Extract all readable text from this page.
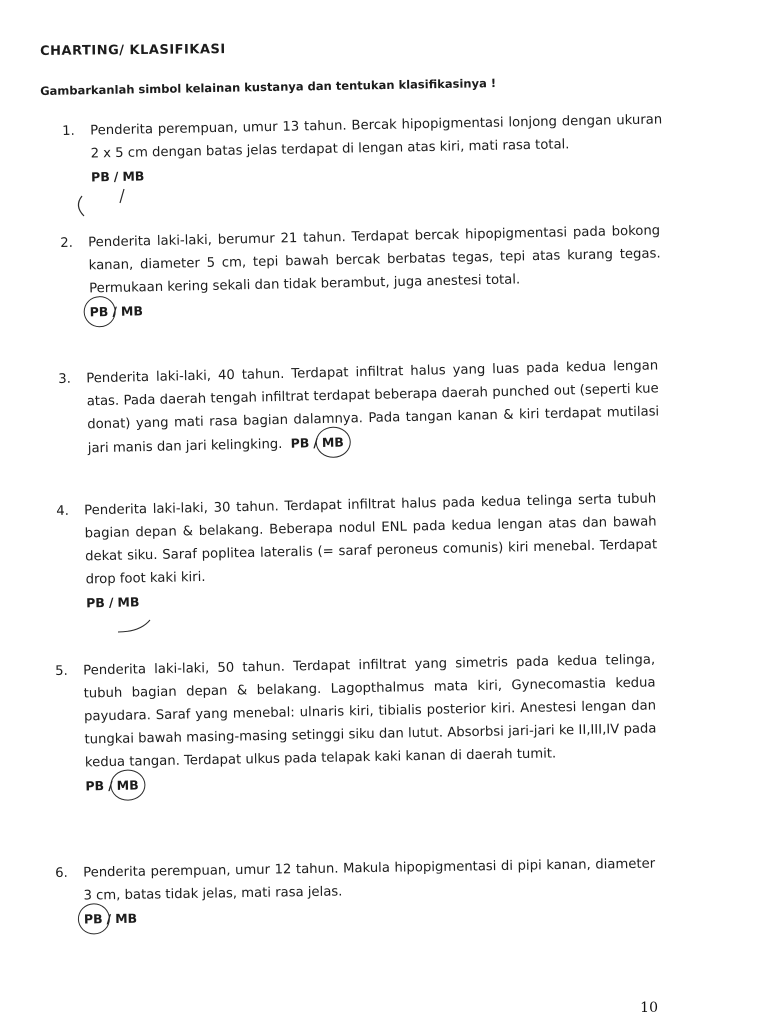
CHARTING/ KLASIFIKASI
Gambarkanlah simbol kelainan kustanya dan tentukan klasifikasinya !
1.	Penderita perempuan, umur 13 tahun. Bercak hipopigmentasi lonjong dengan ukuran 2 x 5 cm dengan batas jelas terdapat di lengan atas kiri, mati rasa total.

PB / MB
2.	Penderita laki-laki, berumur 21 tahun. Terdapat bercak hipopigmentasi pada bokong kanan, diameter 5 cm, tepi bawah bercak berbatas tegas, tepi atas kurang tegas. Permukaan kering sekali dan tidak berambut, juga anestesi total.

PB / MB
3.	Penderita laki-laki, 40 tahun. Terdapat infiltrat halus yang luas pada kedua lengan atas. Pada daerah tengah infiltrat terdapat beberapa daerah punched out (seperti kue donat) yang mati rasa bagian dalamnya. Pada tangan kanan & kiri terdapat mutilasi jari manis dan jari kelingking. PB / MB

4.	Penderita laki-laki, 30 tahun. Terdapat infiltrat halus pada kedua telinga serta tubuh bagian depan & belakang. Beberapa nodul ENL pada kedua lengan atas dan bawah dekat siku. Saraf poplitea lateralis (= saraf peroneus comunis) kiri menebal. Terdapat drop foot kaki kiri.

PB / MB
5.	Penderita laki-laki, 50 tahun. Terdapat infiltrat yang simetris pada kedua telinga, tubuh bagian depan & belakang. Lagopthalmus mata kiri, Gynecomastia kedua payudara. Saraf yang menebal: ulnaris kiri, tibialis posterior kiri. Anestesi lengan dan tungkai bawah masing-masing setinggi siku dan lutut. Absorbsi jari-jari ke II,III,IV pada kedua tangan. Terdapat ulkus pada telapak kaki kanan di daerah tumit.

PB / MB
6.	Penderita perempuan, umur 12 tahun. Makula hipopigmentasi di pipi kanan, diameter 3 cm, batas tidak jelas, mati rasa jelas.

PB / MB
10
